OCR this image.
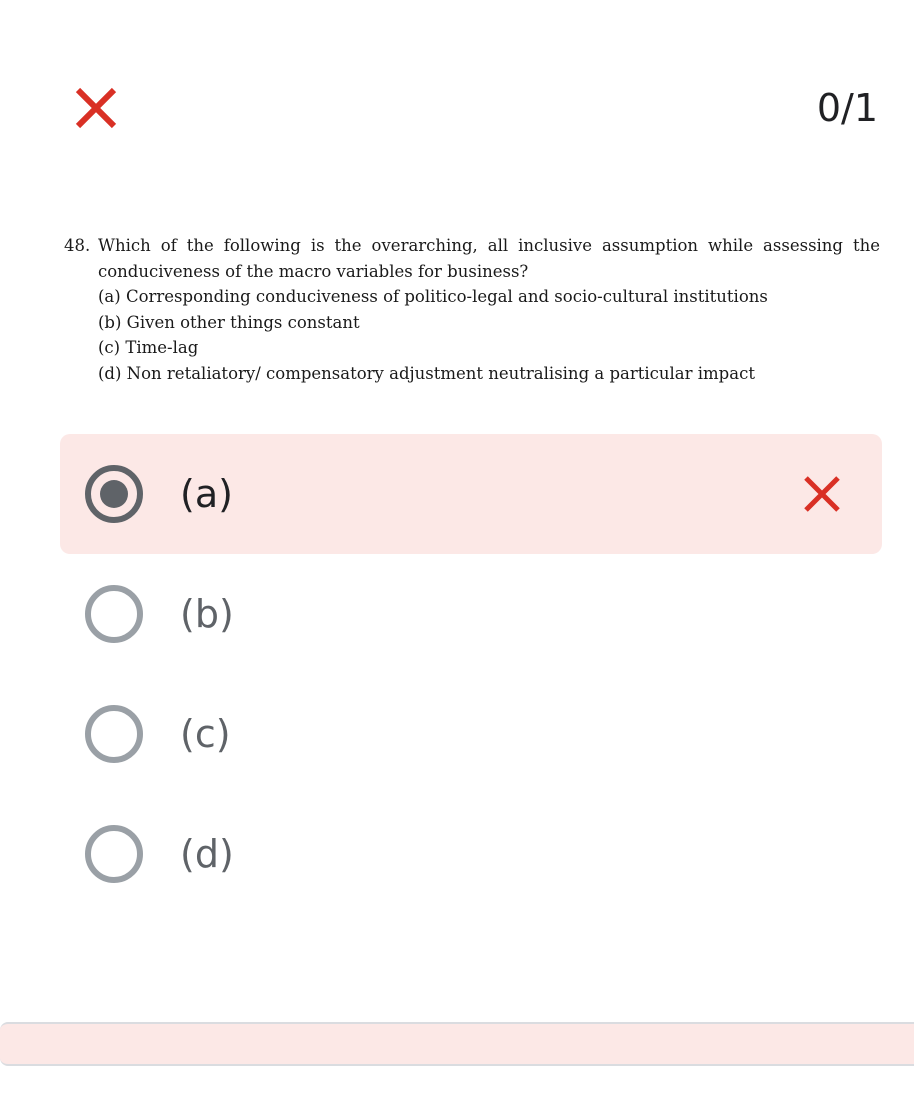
0/1
48. Which of the following is the overarching, all inclusive assumption while assessing the
conduciveness of the macro variables for business?
(a) Corresponding conduciveness of politico-legal and socio-cultural institutions
(b) Given other things constant
(c) Time-lag
(d) Non retaliatory/ compensatory adjustment neutralising a particular impact
(a)
(b)
(c)
(d)
